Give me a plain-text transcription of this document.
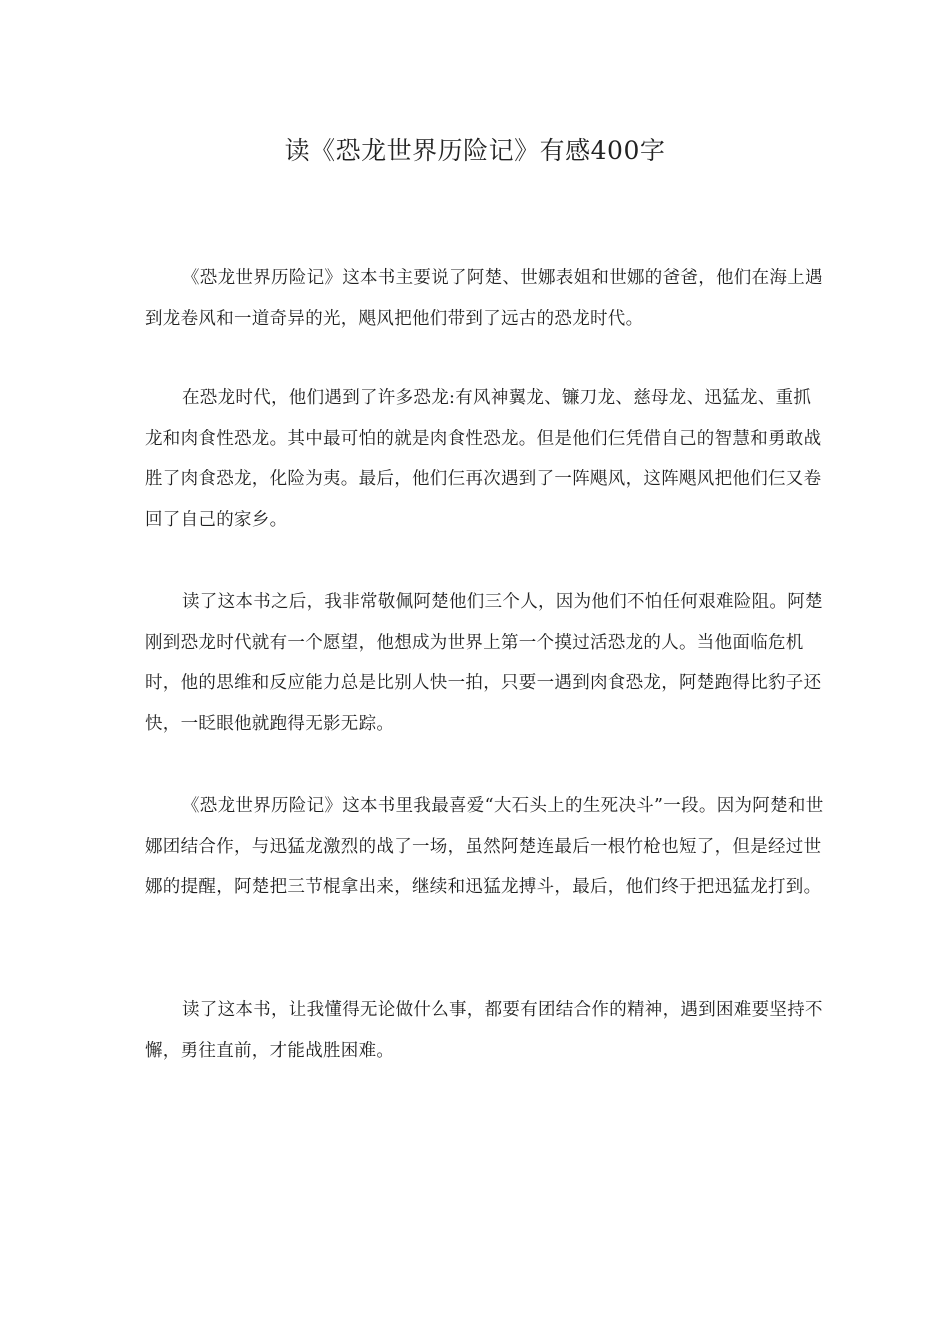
读《恐龙世界历险记》有感400字

《恐龙世界历险记》这本书主要说了阿楚、世娜表姐和世娜的爸爸，他们在海上遇到龙卷风和一道奇异的光，飓风把他们带到了远古的恐龙时代。

在恐龙时代，他们遇到了许多恐龙:有风神翼龙、镰刀龙、慈母龙、迅猛龙、重抓龙和肉食性恐龙。其中最可怕的就是肉食性恐龙。但是他们仨凭借自己的智慧和勇敢战胜了肉食恐龙，化险为夷。最后，他们仨再次遇到了一阵飓风，这阵飓风把他们仨又卷回了自己的家乡。

读了这本书之后，我非常敬佩阿楚他们三个人，因为他们不怕任何艰难险阻。阿楚刚到恐龙时代就有一个愿望，他想成为世界上第一个摸过活恐龙的人。当他面临危机时，他的思维和反应能力总是比别人快一拍，只要一遇到肉食恐龙，阿楚跑得比豹子还快，一眨眼他就跑得无影无踪。

《恐龙世界历险记》这本书里我最喜爱“大石头上的生死决斗”一段。因为阿楚和世娜团结合作，与迅猛龙激烈的战了一场，虽然阿楚连最后一根竹枪也短了，但是经过世娜的提醒，阿楚把三节棍拿出来，继续和迅猛龙搏斗，最后，他们终于把迅猛龙打到。

读了这本书，让我懂得无论做什么事，都要有团结合作的精神，遇到困难要坚持不懈，勇往直前，才能战胜困难。
